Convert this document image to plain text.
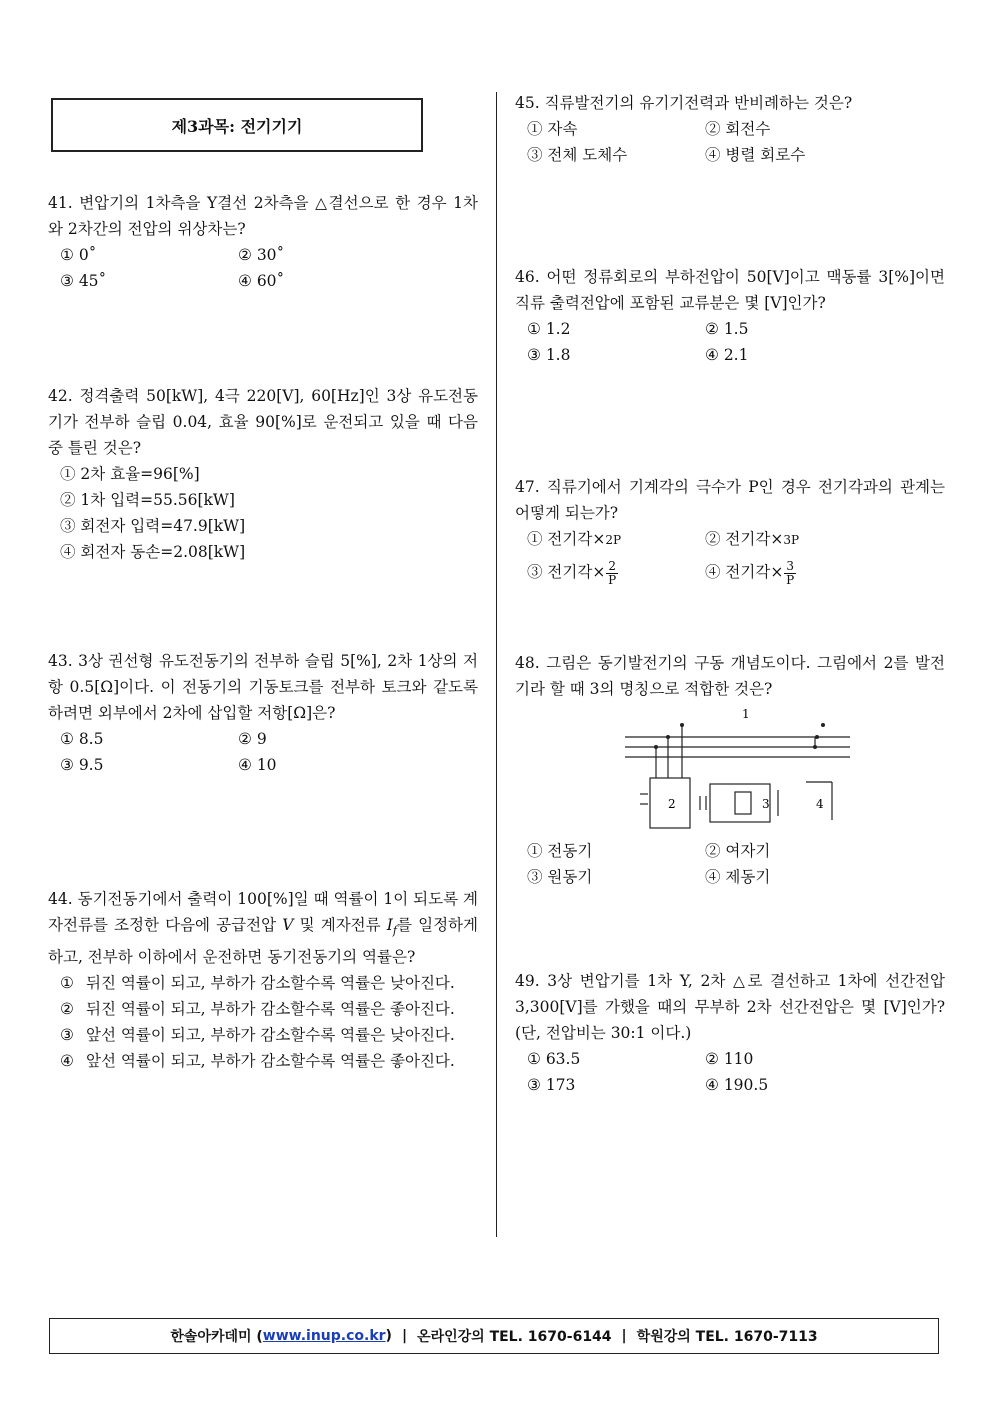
제3과목: 전기기기
41. 변압기의 1차측을 Y결선 2차측을 △결선으로 한 경우 1차와 2차간의 전압의 위상차는?
① 0˚	② 30˚
③ 45˚	④ 60˚
42. 정격출력 50[kW], 4극 220[V], 60[Hz]인 3상 유도전동기가 전부하 슬립 0.04, 효율 90[%]로 운전되고 있을 때 다음 중 틀린 것은?
① 2차 효율=96[%]
② 1차 입력=55.56[kW]
③ 회전자 입력=47.9[kW]
④ 회전자 동손=2.08[kW]
43. 3상 권선형 유도전동기의 전부하 슬립 5[%], 2차 1상의 저항 0.5[Ω]이다. 이 전동기의 기동토크를 전부하 토크와 같도록 하려면 외부에서 2차에 삽입할 저항[Ω]은?
① 8.5	② 9
③ 9.5	④ 10
44. 동기전동기에서 출력이 100[%]일 때 역률이 1이 되도록 계자전류를 조정한 다음에 공급전압 V 및 계자전류 $I_f$를 일정하게 하고, 전부하 이하에서 운전하면 동기전동기의 역률은?
① 뒤진 역률이 되고, 부하가 감소할수록 역률은 낮아진다.
② 뒤진 역률이 되고, 부하가 감소할수록 역률은 좋아진다.
③ 앞선 역률이 되고, 부하가 감소할수록 역률은 낮아진다.
④ 앞선 역률이 되고, 부하가 감소할수록 역률은 좋아진다.
45. 직류발전기의 유기기전력과 반비례하는 것은?
① 자속	② 회전수
③ 전체 도체수	④ 병렬 회로수
46. 어떤 정류회로의 부하전압이 50[V]이고 맥동률 3[%]이면 직류 출력전압에 포함된 교류분은 몇 [V]인가?
① 1.2	② 1.5
③ 1.8	④ 2.1
47. 직류기에서 기계각의 극수가 P인 경우 전기각과의 관계는 어떻게 되는가?
① 전기각×2P	② 전기각×3P
③ 전기각× $\frac{2}{P}$	④ 전기각× $\frac{3}{P}$
48. 그림은 동기발전기의 구동 개념도이다. 그림에서 2를 발전기라 할 때 3의 명칭으로 적합한 것은?
① 전동기	② 여자기
③ 원동기	④ 제동기
49. 3상 변압기를 1차 Y, 2차 △로 결선하고 1차에 선간전압 3,300[V]를 가했을 때의 무부하 2차 선간전압은 몇 [V]인가? (단, 전압비는 30:1 이다.)
① 63.5	② 110
③ 173	④ 190.5
1
2	3	4
한솔아카데미 ( www.inup.co.kr ) | 온라인강의 TEL. 1670-6144 | 학원강의 TEL. 1670-7113
